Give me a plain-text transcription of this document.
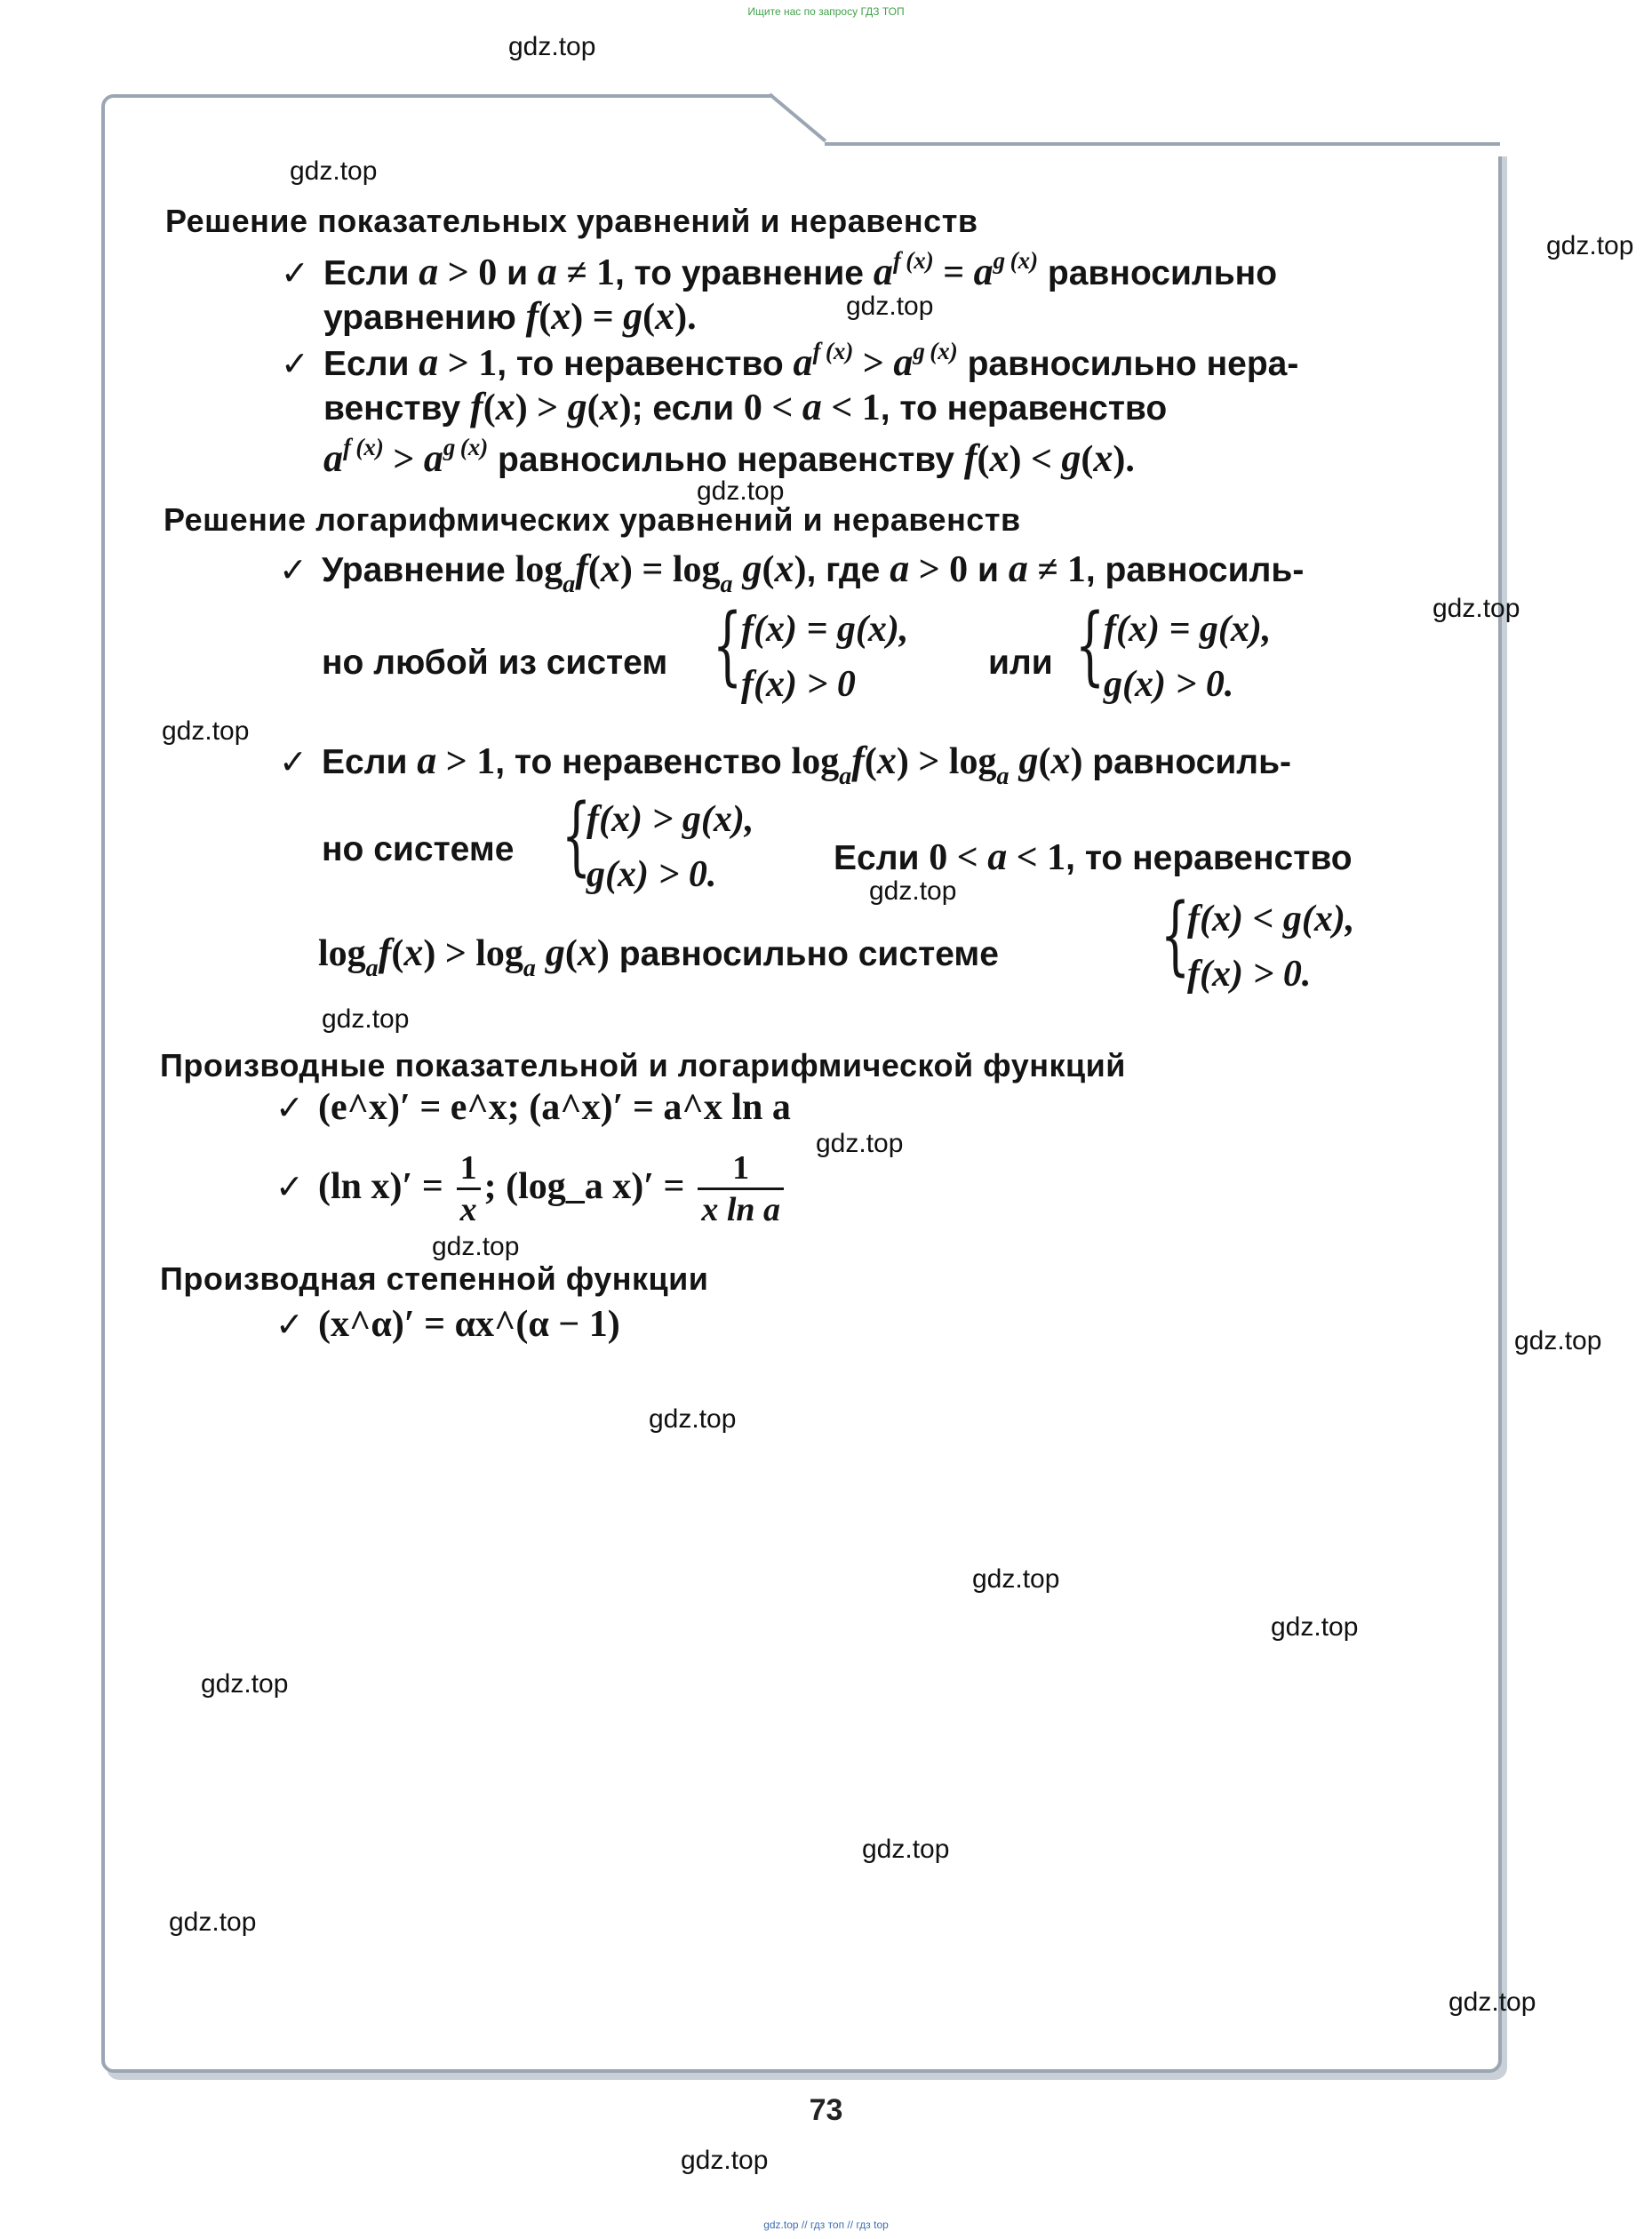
Ищите нас по запросу ГДЗ ТОП
gdz.top // гдз топ // гдз top
Решение показательных уравнений и неравенств
✓ Если a > 0 и a ≠ 1, то уравнение $a^{f (x)} = a^{g (x)}$ равносильно
уравнению f(x) = g(x).
✓ Если a > 1, то неравенство $a^{f (x)} > a^{g (x)}$ равносильно нера-
венству f(x) > g(x); если 0 < a < 1, то неравенство
$a^{f (x)} > a^{g (x)}$ равносильно неравенству f(x) < g(x).
Решение логарифмических уравнений и неравенств
✓ Уравнение $\log_af(x) = \log_a g(x)$, где a > 0 и a ≠ 1, равносиль-
но любой из систем {
f(x) = g(x),
f(x) > 0
или {
f(x) = g(x),
g(x) > 0.
✓ Если a > 1, то неравенство $\log_af(x) > \log_a g(x)$ равносиль-
но системе {
f(x) > g(x),
g(x) > 0.	Если 0 < a < 1, то неравенство
$\log_af(x) > \log_a g(x)$ равносильно системе {
f(x) < g(x),
f(x) > 0.
Производные показательной и логарифмической функций
✓ (e^x)′ = e^x; (a^x)′ = a^x ln a
✓ (ln $x)' = \frac{1}{x}$ ; (log_a $x)' = \frac{1}{\text{x ln a}}$
Производная степенной функции
✓ (x^α)′ = αx^(α − 1)
73
gdz.top
gdz.top
gdz.top
gdz.top
gdz.top
gdz.top
gdz.top
gdz.top
gdz.top
gdz.top
gdz.top
gdz.top
gdz.top
gdz.top
gdz.top
gdz.top
gdz.top
gdz.top
gdz.top
gdz.top
